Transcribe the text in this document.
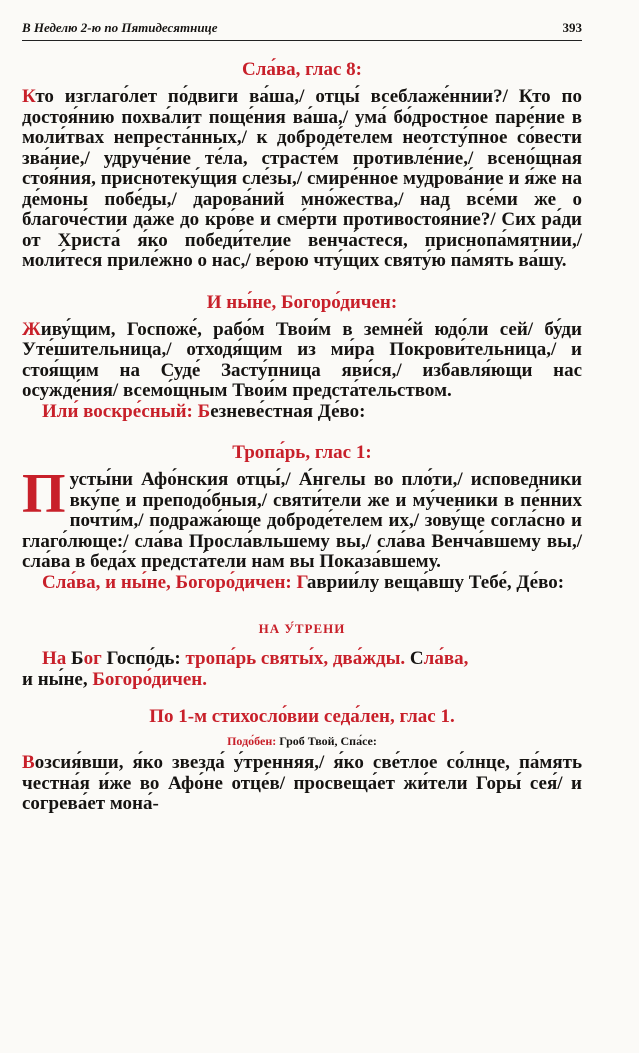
В Неделю 2-ю по Пятидесятнице	393
Сла́ва, глас 8:

Кто изглаго́лет по́двиги ва́ша,/ отцы́ всеблаже́ннии?/ Кто по достоя́нию похва́лит поще́ния ва́ша,/ ума́ бо́дростное паре́ние в моли́твах непреста́нных,/ к доброде́телем неотсту́пное со́вести зва́ние,/ удруче́ние те́ла, страсте́м противле́ние,/ всено́щная стоя́ния, приснотеку́щия сле́зы,/ смире́нное мудрова́ние и я́же на де́моны побе́ды,/ дарова́ний мно́жества,/ над все́ми же о благоче́стии да́же до кро́ве и сме́рти противостоя́ние?/ Сих ра́ди от Христа́ я́ко победи́телие венча́стеся, приснопа́мятнии,/ моли́теся приле́жно о нас,/ ве́рою чту́щих святу́ю па́мять ва́шу.

И ны́не, Богоро́дичен:

Живу́щим, Госпоже́, рабо́м Твои́м в земне́й юдо́ли сей/ бу́ди Уте́шительница,/ отходя́щим из ми́ра Покрови́тельница,/ и стоя́щим на Суде́ Засту́пница яви́ся,/ избавля́ющи нас осужде́ния/ всемо́щным Твои́м предста́тельством.

Или́ воскре́сный: Безневе́стная Де́во:

Тропа́рь, глас 1:

Пусты́ни Афо́нския отцы́,/ А́нгелы во пло́ти,/ исповедники вку́пе и преподо́бныя,/ святи́тели же и му́ченики в пе́нних почти́м,/ подража́юще доброде́телем их,/ зову́ще согла́сно и глаго́люще:/ сла́ва Просла́вльшему вы,/ сла́ва Венча́вшему вы,/ сла́ва в беда́х предста́тели нам вы Показа́вшему.

Сла́ва, и ны́не, Богоро́дичен: Гаврии́лу веща́вшу Тебе́, Де́во:

НА У́ТРЕНИ

На Бог Госпо́дь: тропа́рь святы́х, два́жды. Сла́ва,

и ны́не, Богоро́дичен.

По 1-м стихосло́вии седа́лен, глас 1.
Подо́бен: Гроб Твой, Спа́се:

Возсия́вши, я́ко звезда́ у́тренняя,/ я́ко све́тлое со́лнце, па́мять честна́я и́же во Афо́не отце́в/ просвеща́ет жи́тели Горы́ сея́/ и согрева́ет мона́-
